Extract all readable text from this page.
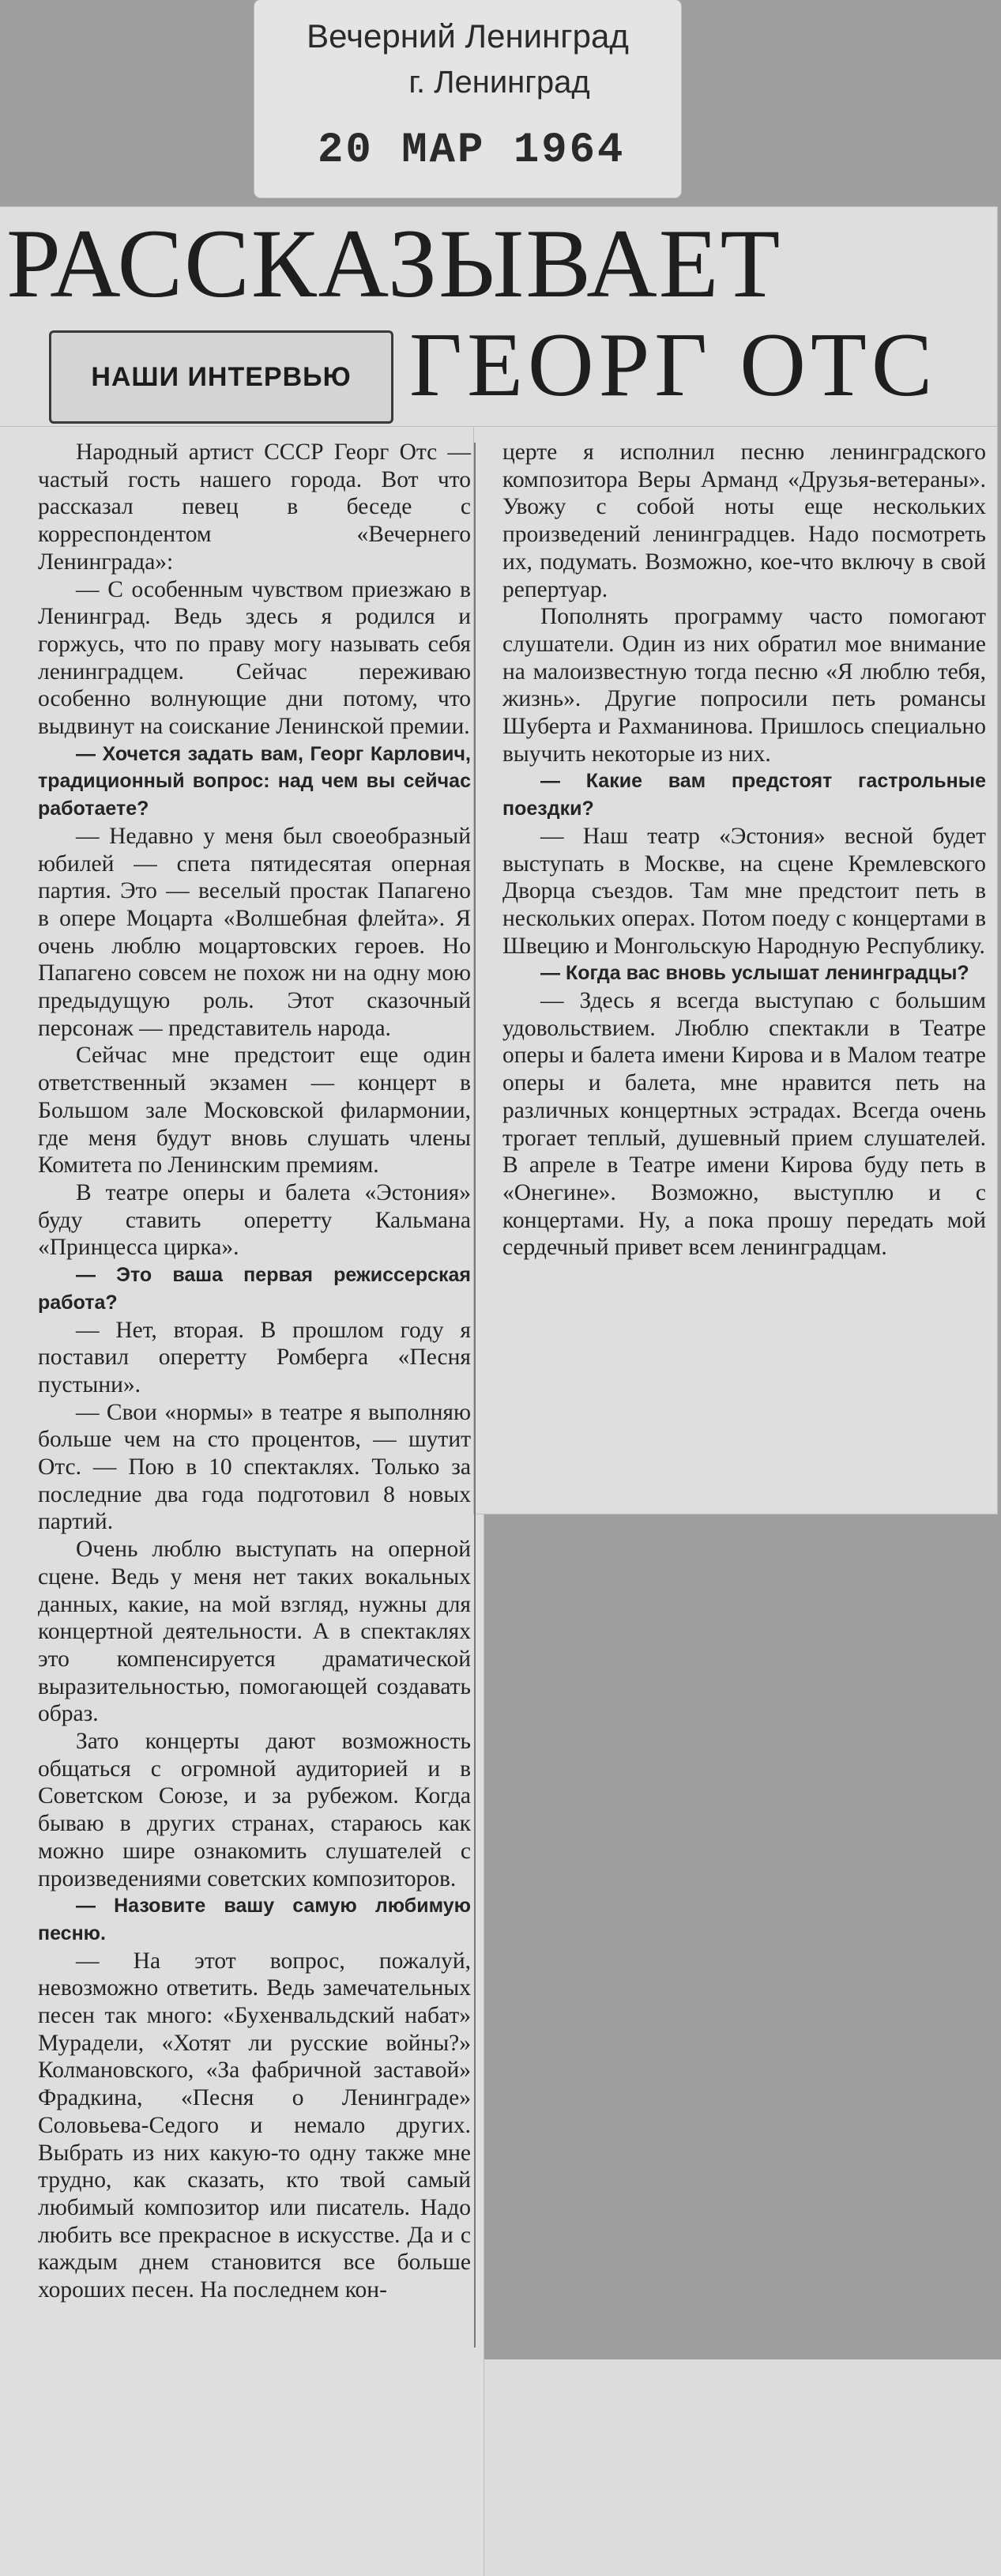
Вечерний Ленинград
г. Ленинград
20 МАР 1964
РАССКАЗЫВАЕТ
НАШИ ИНТЕРВЬЮ ГЕОРГ ОТС

Народный артист СССР Георг Отс — частый гость нашего города. Вот что рассказал певец в беседе с корреспондентом «Вечернего Ленинграда»:

— С особенным чувством приезжаю в Ленинград. Ведь здесь я родился и горжусь, что по праву могу называть себя ленинградцем. Сейчас переживаю особенно волнующие дни потому, что выдвинут на соискание Ленинской премии.

— Хочется задать вам, Георг Карлович, традиционный вопрос: над чем вы сейчас работаете?

— Недавно у меня был своеобразный юбилей — спета пятидесятая оперная партия. Это — веселый простак Папагено в опере Моцарта «Волшебная флейта». Я очень люблю моцартовских героев. Но Папагено совсем не похож ни на одну мою предыдущую роль. Этот сказочный персонаж — представитель народа.

Сейчас мне предстоит еще один ответственный экзамен — концерт в Большом зале Московской филармонии, где меня будут вновь слушать члены Комитета по Ленинским премиям.

В театре оперы и балета «Эстония» буду ставить оперетту Кальмана «Принцесса цирка».

— Это ваша первая режиссерская работа?

— Нет, вторая. В прошлом году я поставил оперетту Ромберга «Песня пустыни».

— Свои «нормы» в театре я выполняю больше чем на сто процентов, — шутит Отс. — Пою в 10 спектаклях. Только за последние два года подготовил 8 новых партий.

Очень люблю выступать на оперной сцене. Ведь у меня нет таких вокальных данных, какие, на мой взгляд, нужны для концертной деятельности. А в спектаклях это компенсируется драматической выразительностью, помогающей создавать образ.

Зато концерты дают возможность общаться с огромной аудиторией и в Советском Союзе, и за рубежом. Когда бываю в других странах, стараюсь как можно шире ознакомить слушателей с произведениями советских композиторов.

— Назовите вашу самую любимую песню.

— На этот вопрос, пожалуй, невозможно ответить. Ведь замечательных песен так много: «Бухенвальдский набат» Мурадели, «Хотят ли русские войны?» Колмановского, «За фабричной заставой» Фрадкина, «Песня о Ленинграде» Соловьева-Седого и немало других. Выбрать из них какую-то одну также мне трудно, как сказать, кто твой самый любимый композитор или писатель. Надо любить все прекрасное в искусстве. Да и с каждым днем становится все больше хороших песен. На последнем кон-

церте я исполнил песню ленинградского композитора Веры Арманд «Друзья-ветераны». Увожу с собой ноты еще нескольких произведений ленинградцев. Надо посмотреть их, подумать. Возможно, кое-что включу в свой репертуар.

Пополнять программу часто помогают слушатели. Один из них обратил мое внимание на малоизвестную тогда песню «Я люблю тебя, жизнь». Другие попросили петь романсы Шуберта и Рахманинова. Пришлось специально выучить некоторые из них.

— Какие вам предстоят гастрольные поездки?

— Наш театр «Эстония» весной будет выступать в Москве, на сцене Кремлевского Дворца съездов. Там мне предстоит петь в нескольких операх. Потом поеду с концертами в Швецию и Монгольскую Народную Республику.

— Когда вас вновь услышат ленинградцы?

— Здесь я всегда выступаю с большим удовольствием. Люблю спектакли в Театре оперы и балета имени Кирова и в Малом театре оперы и балета, мне нравится петь на различных концертных эстрадах. Всегда очень трогает теплый, душевный прием слушателей. В апреле в Театре имени Кирова буду петь в «Онегине». Возможно, выступлю и с концертами. Ну, а пока прошу передать мой сердечный привет всем ленинградцам.
